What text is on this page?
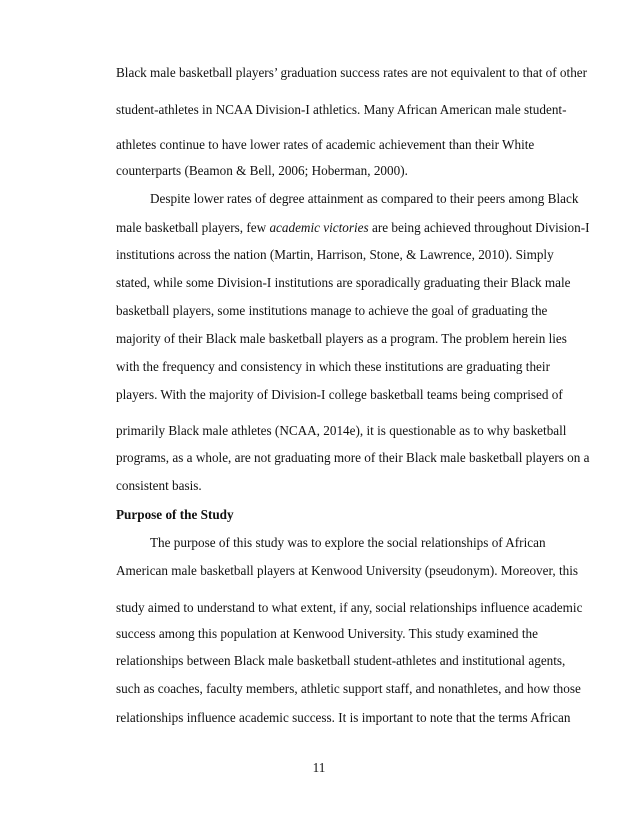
Black male basketball players’ graduation success rates are not equivalent to that of other
student-athletes in NCAA Division-I athletics. Many African American male student-
athletes continue to have lower rates of academic achievement than their White
counterparts (Beamon & Bell, 2006; Hoberman, 2000).
Despite lower rates of degree attainment as compared to their peers among Black
male basketball players, few academic victories are being achieved throughout Division-I
institutions across the nation (Martin, Harrison, Stone, & Lawrence, 2010). Simply
stated, while some Division-I institutions are sporadically graduating their Black male
basketball players, some institutions manage to achieve the goal of graduating the
majority of their Black male basketball players as a program. The problem herein lies
with the frequency and consistency in which these institutions are graduating their
players. With the majority of Division-I college basketball teams being comprised of
primarily Black male athletes (NCAA, 2014e), it is questionable as to why basketball
programs, as a whole, are not graduating more of their Black male basketball players on a
consistent basis.
Purpose of the Study
The purpose of this study was to explore the social relationships of African
American male basketball players at Kenwood University (pseudonym). Moreover, this
study aimed to understand to what extent, if any, social relationships influence academic
success among this population at Kenwood University. This study examined the
relationships between Black male basketball student-athletes and institutional agents,
such as coaches, faculty members, athletic support staff, and nonathletes, and how those
relationships influence academic success. It is important to note that the terms African
11
